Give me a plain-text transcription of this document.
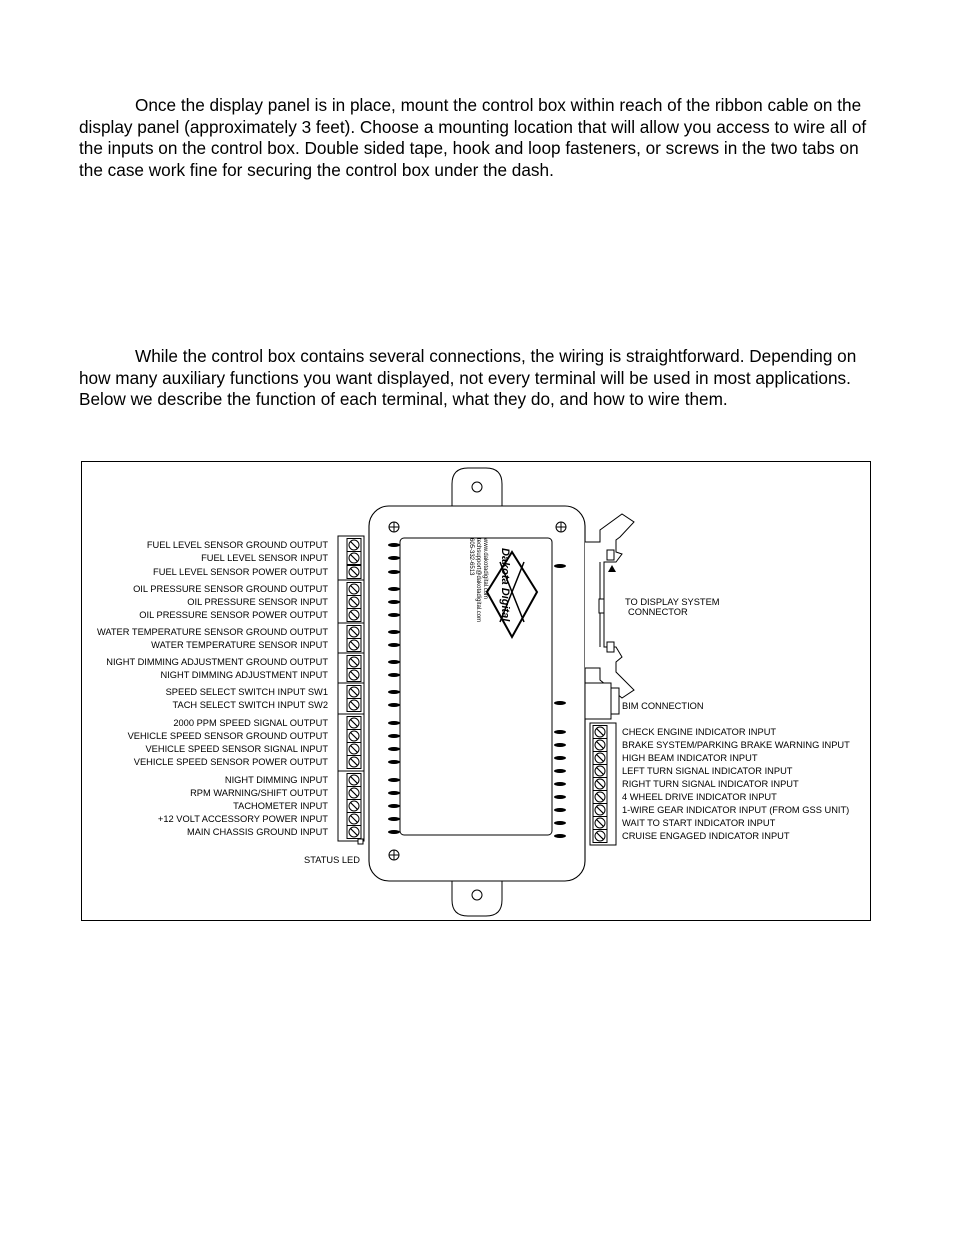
Once the display panel is in place, mount the control box within reach of the ribbon cable on the display panel (approximately 3 feet). Choose a mounting location that will allow you access to wire all of the inputs on the control box. Double sided tape, hook and loop fasteners, or screws in the two tabs on the case work fine for securing the control box under the dash.

While the control box contains several connections, the wiring is straightforward. Depending on how many auxiliary functions you want displayed, not every terminal will be used in most applications. Below we describe the function of each terminal, what they do, and how to wire them.

www.dakotadigital.com
techsupport@dakotadigital.com
605-332-6513 Dakota Digital
FUEL LEVEL SENSOR GROUND OUTPUT
FUEL LEVEL SENSOR INPUT
FUEL LEVEL SENSOR POWER OUTPUT
OIL PRESSURE SENSOR GROUND OUTPUT
OIL PRESSURE SENSOR INPUT
OIL PRESSURE SENSOR POWER OUTPUT
WATER TEMPERATURE SENSOR GROUND OUTPUT
WATER TEMPERATURE SENSOR INPUT
NIGHT DIMMING ADJUSTMENT GROUND OUTPUT
NIGHT DIMMING ADJUSTMENT INPUT
SPEED SELECT SWITCH INPUT SW1
TACH SELECT SWITCH INPUT SW2
2000 PPM SPEED SIGNAL OUTPUT
VEHICLE SPEED SENSOR GROUND OUTPUT
VEHICLE SPEED SENSOR SIGNAL INPUT
VEHICLE SPEED SENSOR POWER OUTPUT
NIGHT DIMMING INPUT
RPM WARNING/SHIFT OUTPUT
TACHOMETER INPUT
+12 VOLT ACCESSORY POWER INPUT
MAIN CHASSIS GROUND INPUT
CHECK ENGINE INDICATOR INPUT
BRAKE SYSTEM/PARKING BRAKE WARNING INPUT
HIGH BEAM INDICATOR INPUT
LEFT TURN SIGNAL INDICATOR INPUT
RIGHT TURN SIGNAL INDICATOR INPUT
4 WHEEL DRIVE INDICATOR INPUT
1-WIRE GEAR INDICATOR INPUT (FROM GSS UNIT)
WAIT TO START INDICATOR INPUT
CRUISE ENGAGED INDICATOR INPUT
TO DISPLAY SYSTEM
CONNECTOR
BIM CONNECTION
STATUS LED
